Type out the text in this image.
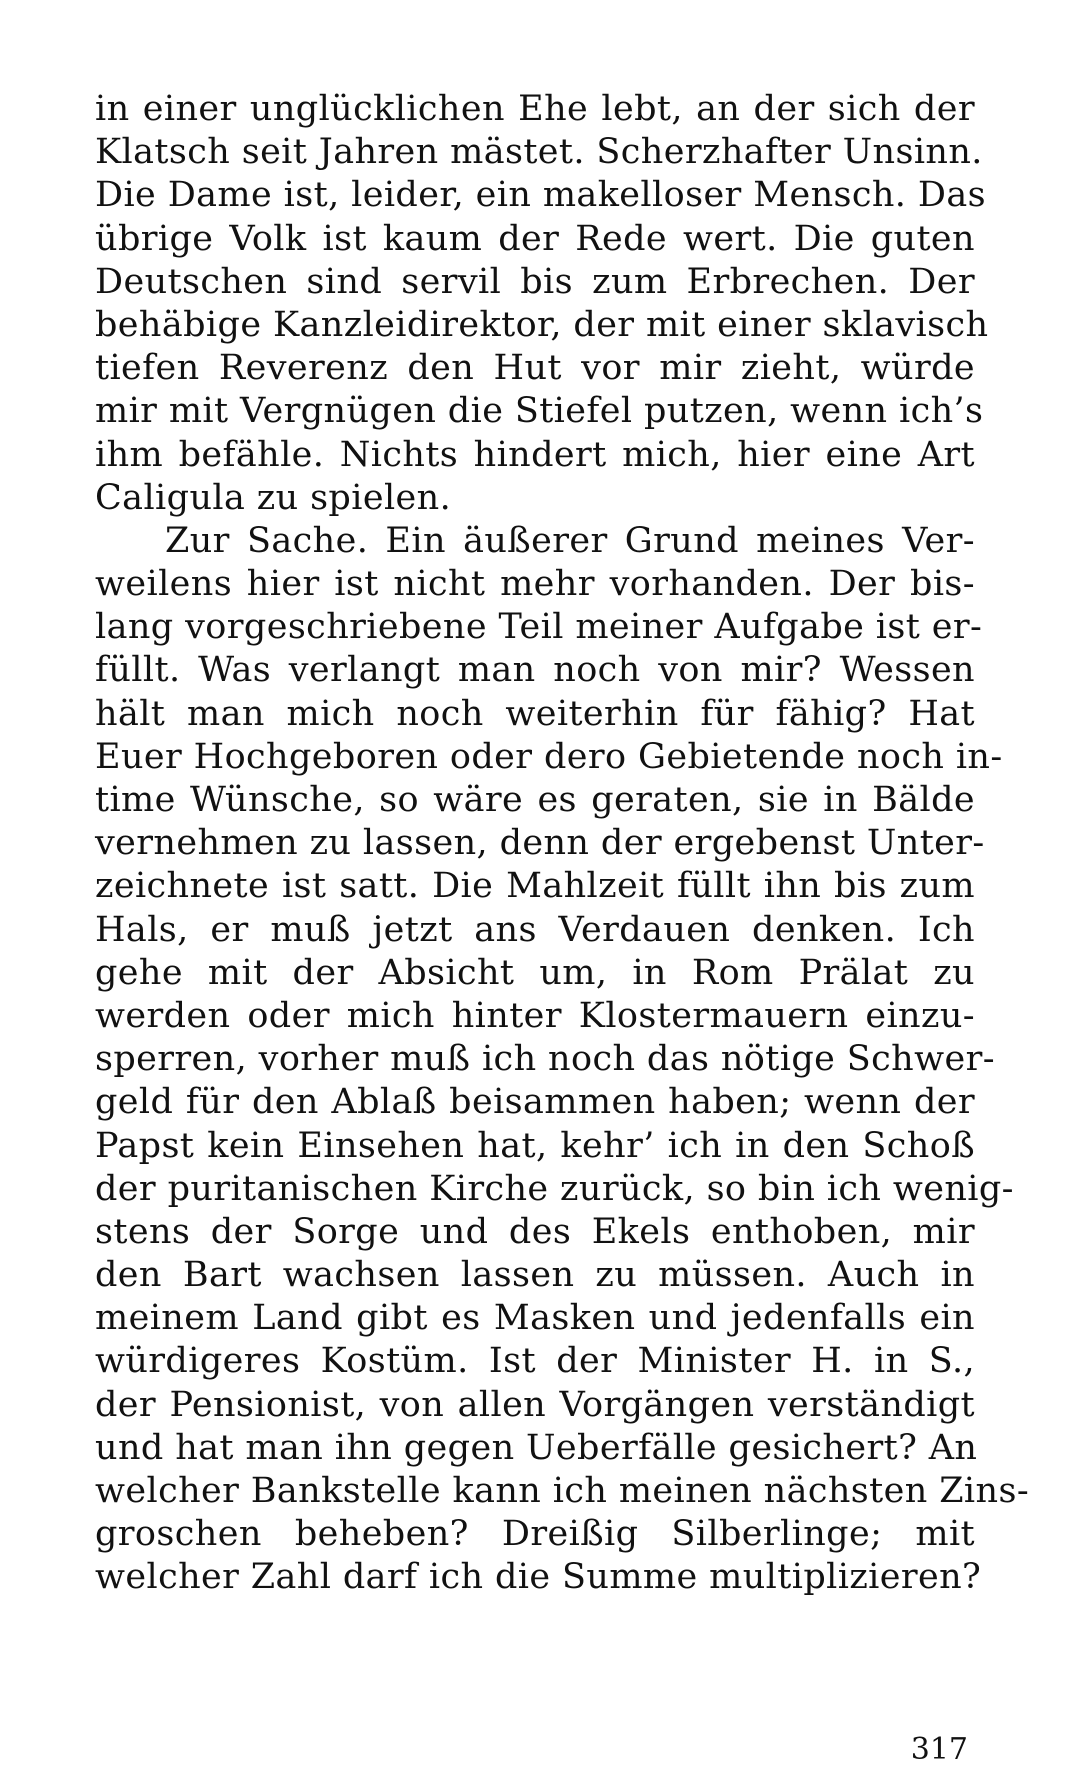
in einer unglücklichen Ehe lebt, an der sich der
Klatsch seit Jahren mästet. Scherzhafter Unsinn.
Die Dame ist, leider, ein makelloser Mensch. Das
übrige Volk ist kaum der Rede wert. Die guten
Deutschen sind servil bis zum Erbrechen. Der
behäbige Kanzleidirektor, der mit einer sklavisch
tiefen Reverenz den Hut vor mir zieht, würde
mir mit Vergnügen die Stiefel putzen, wenn ich’s
ihm befähle. Nichts hindert mich, hier eine Art
Caligula zu spielen.
Zur Sache. Ein äußerer Grund meines Ver-
weilens hier ist nicht mehr vorhanden. Der bis-
lang vorgeschriebene Teil meiner Aufgabe ist er-
füllt. Was verlangt man noch von mir? Wessen
hält man mich noch weiterhin für fähig? Hat
Euer Hochgeboren oder dero Gebietende noch in-
time Wünsche, so wäre es geraten, sie in Bälde
vernehmen zu lassen, denn der ergebenst Unter-
zeichnete ist satt. Die Mahlzeit füllt ihn bis zum
Hals, er muß jetzt ans Verdauen denken. Ich
gehe mit der Absicht um, in Rom Prälat zu
werden oder mich hinter Klostermauern einzu-
sperren, vorher muß ich noch das nötige Schwer-
geld für den Ablaß beisammen haben; wenn der
Papst kein Einsehen hat, kehr’ ich in den Schoß
der puritanischen Kirche zurück, so bin ich wenig-
stens der Sorge und des Ekels enthoben, mir
den Bart wachsen lassen zu müssen. Auch in
meinem Land gibt es Masken und jedenfalls ein
würdigeres Kostüm. Ist der Minister H. in S.,
der Pensionist, von allen Vorgängen verständigt
und hat man ihn gegen Ueberfälle gesichert? An
welcher Bankstelle kann ich meinen nächsten Zins-
groschen beheben? Dreißig Silberlinge; mit
welcher Zahl darf ich die Summe multiplizieren?
317
